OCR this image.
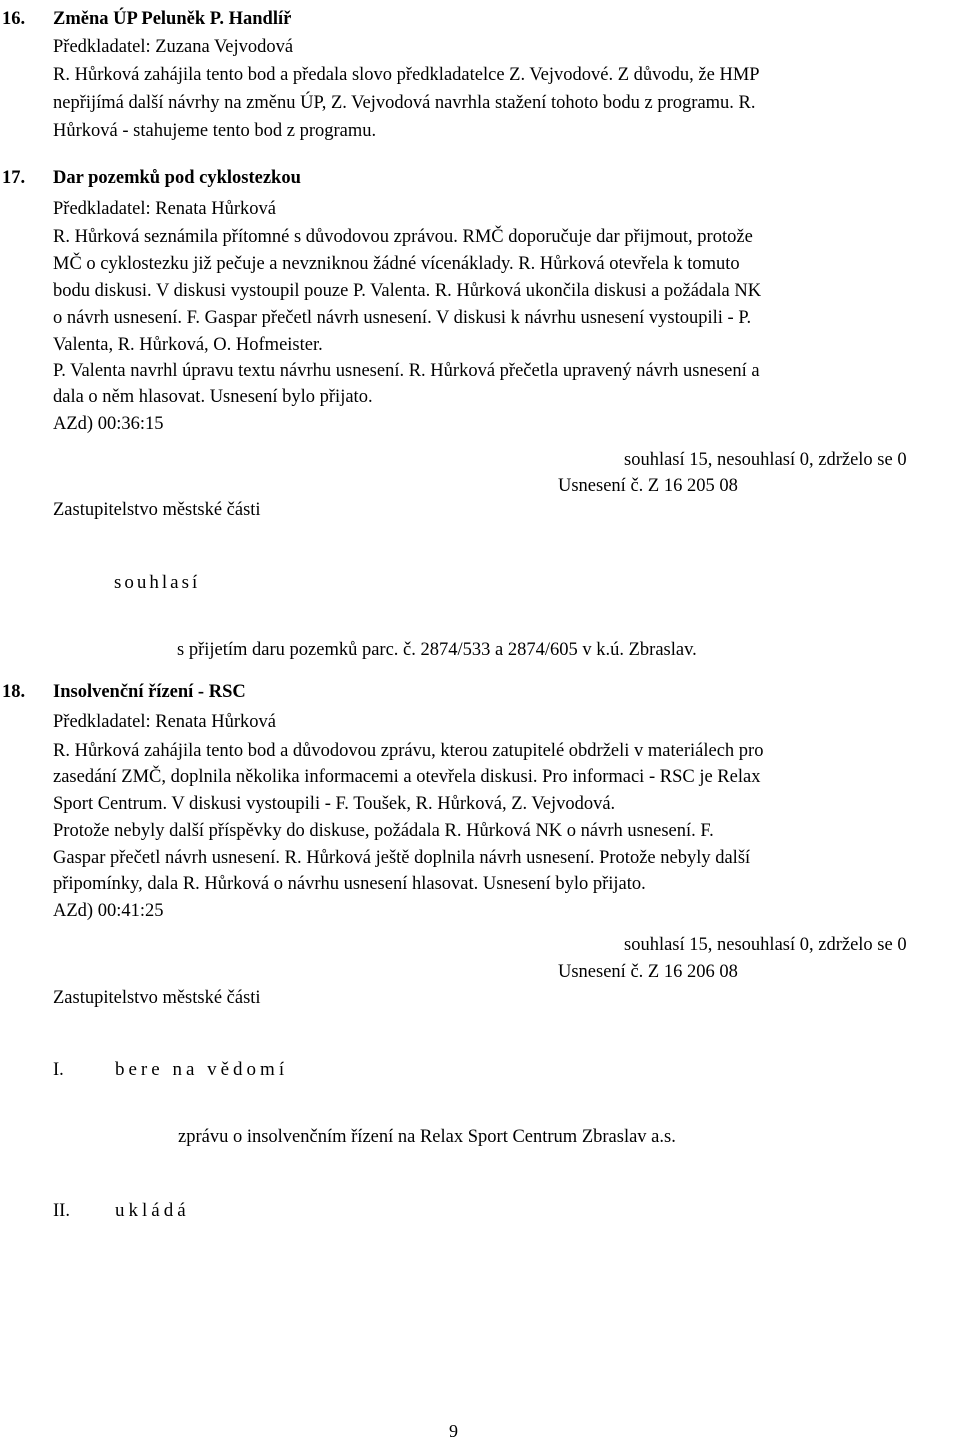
16. Změna ÚP Peluněk P. Handlíř
Předkladatel: Zuzana Vejvodová
R. Hůrková zahájila tento bod a předala slovo předkladatelce Z. Vejvodové. Z důvodu, že HMP
nepřijímá další návrhy na změnu ÚP, Z. Vejvodová navrhla stažení tohoto bodu z programu. R.
Hůrková - stahujeme tento bod z programu.
17. Dar pozemků pod cyklostezkou
Předkladatel: Renata Hůrková
R. Hůrková seznámila přítomné s důvodovou zprávou. RMČ doporučuje dar přijmout, protože
MČ o cyklostezku již pečuje a nevzniknou žádné vícenáklady. R. Hůrková otevřela k tomuto
bodu diskusi. V diskusi vystoupil pouze P. Valenta. R. Hůrková ukončila diskusi a požádala NK
o návrh usnesení. F. Gaspar přečetl návrh usnesení. V diskusi k návrhu usnesení vystoupili - P.
Valenta, R. Hůrková, O. Hofmeister.
P. Valenta navrhl úpravu textu návrhu usnesení. R. Hůrková přečetla upravený návrh usnesení a
dala o něm hlasovat. Usnesení bylo přijato.
AZd) 00:36:15
souhlasí 15, nesouhlasí 0, zdrželo se 0
Usnesení č. Z 16 205 08
Zastupitelstvo městské části
souhlasí
s přijetím daru pozemků parc. č. 2874/533 a 2874/605 v k.ú. Zbraslav.
18. Insolvenční řízení - RSC
Předkladatel: Renata Hůrková
R. Hůrková zahájila tento bod a důvodovou zprávu, kterou zatupitelé obdrželi v materiálech pro
zasedání ZMČ, doplnila několika informacemi a otevřela diskusi. Pro informaci - RSC je Relax
Sport Centrum. V diskusi vystoupili - F. Toušek, R. Hůrková, Z. Vejvodová.
Protože nebyly další příspěvky do diskuse, požádala R. Hůrková NK o návrh usnesení. F.
Gaspar přečetl návrh usnesení. R. Hůrková ještě doplnila návrh usnesení. Protože nebyly další
připomínky, dala R. Hůrková o návrhu usnesení hlasovat. Usnesení bylo přijato.
AZd) 00:41:25
souhlasí 15, nesouhlasí 0, zdrželo se 0
Usnesení č. Z 16 206 08
Zastupitelstvo městské části
I.	bere na vědomí
zprávu o insolvenčním řízení na Relax Sport Centrum Zbraslav a.s.
II. ukládá
9
